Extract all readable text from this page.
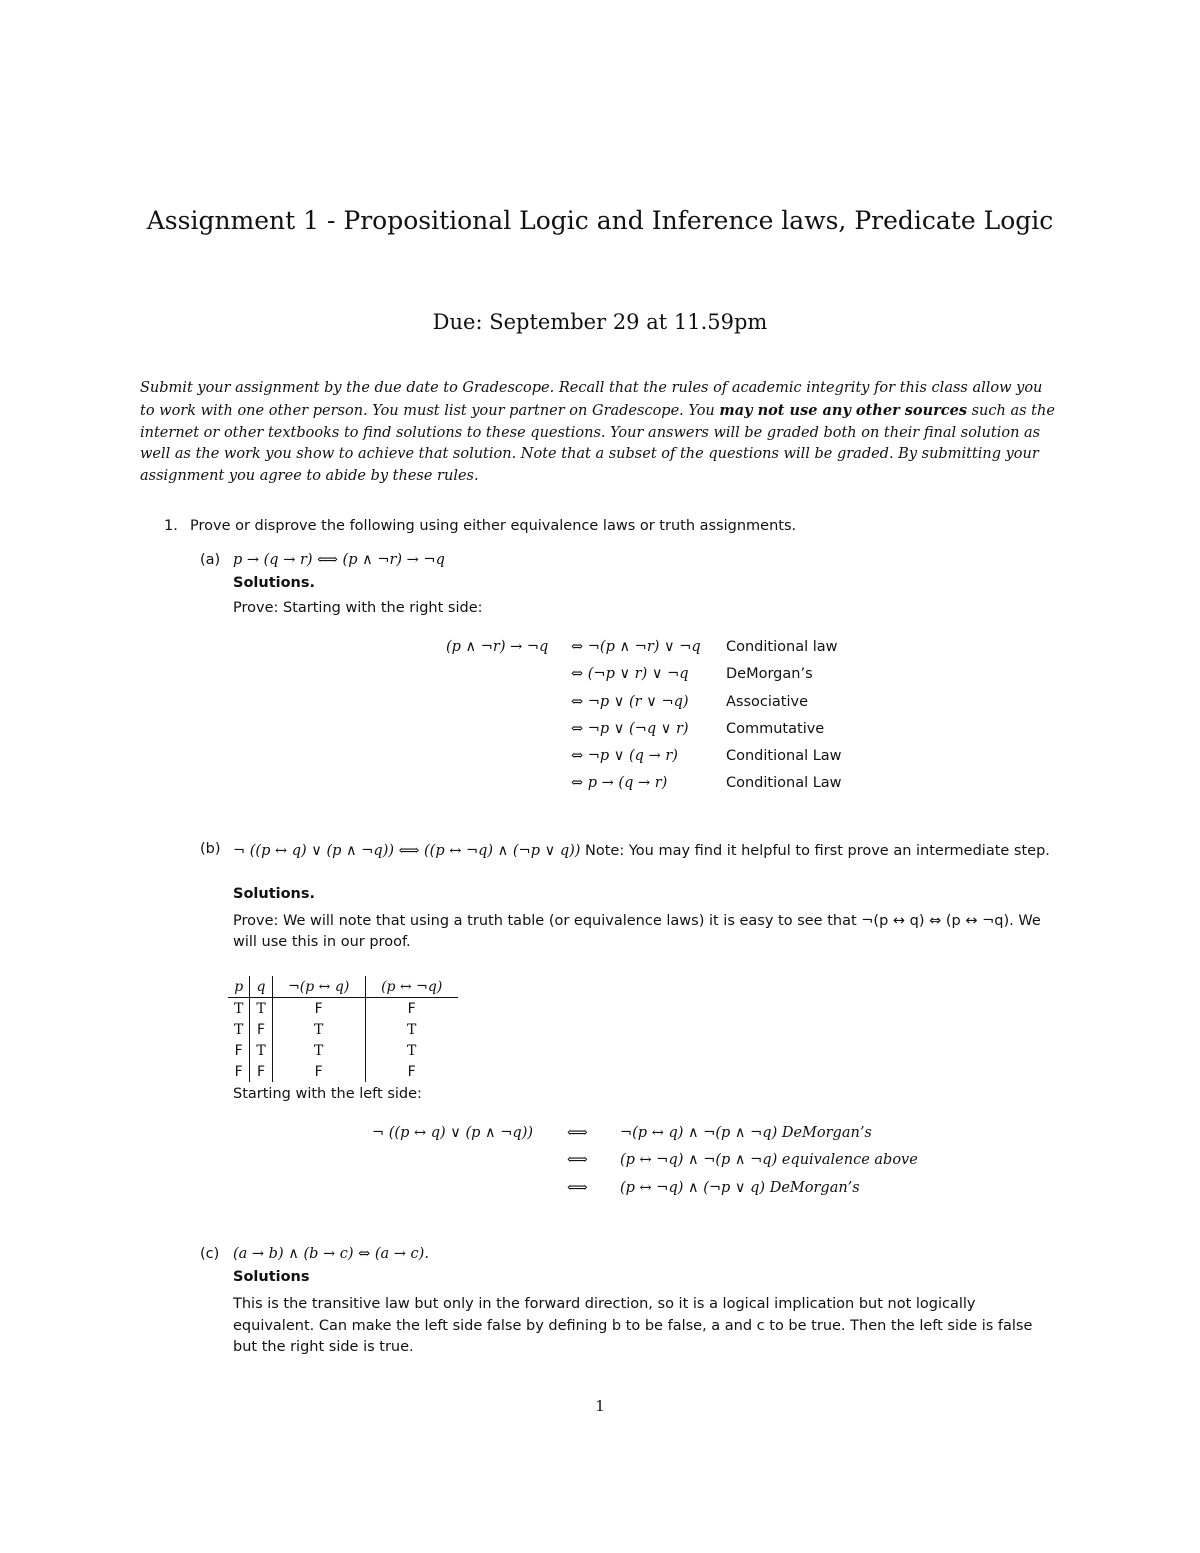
Assignment 1 - Propositional Logic and Inference laws, Predicate Logic
Due: September 29 at 11.59pm
Submit your assignment by the due date to Gradescope. Recall that the rules of academic integrity for this class allow you to work with one other person. You must list your partner on Gradescope. You may not use any other sources such as the internet or other textbooks to find solutions to these questions. Your answers will be graded both on their final solution as well as the work you show to achieve that solution. Note that a subset of the questions will be graded. By submitting your assignment you agree to abide by these rules.
1. Prove or disprove the following using either equivalence laws or truth assignments.
(a) p → (q → r) ⟺ (p ∧ ¬r) → ¬q
Solutions.
Prove: Starting with the right side:
(p ∧ ¬r) → ¬q ⇔ ¬(p ∧ ¬r) ∨ ¬q Conditional law
⇔ (¬p ∨ r) ∨ ¬q	DeMorgan’s
⇔ ¬p ∨ (r ∨ ¬q)	Associative
⇔ ¬p ∨ (¬q ∨ r)	Commutative
⇔ ¬p ∨ (q → r)	Conditional Law
⇔ p → (q → r)	Conditional Law
(b) ¬ ((p ↔ q) ∨ (p ∧ ¬q)) ⟺ ((p ↔ ¬q) ∧ (¬p ∨ q)) Note: You may find it helpful to first prove an intermediate step.
Solutions.
Prove: We will note that using a truth table (or equivalence laws) it is easy to see that ¬(p ↔ q) ⇔ (p ↔ ¬q). We will use this in our proof.
p	q	¬(p ↔ q)	(p ↔ ¬q)
T	T	F	F
T	F	T	T
F	T	T	T
F	F	F	F
Starting with the left side:
¬ ((p ↔ q) ∨ (p ∧ ¬q)) ⟺ ¬(p ↔ q) ∧ ¬(p ∧ ¬q) DeMorgan’s
⟺ (p ↔ ¬q) ∧ ¬(p ∧ ¬q) equivalence above
⟺ (p ↔ ¬q) ∧ (¬p ∨ q) DeMorgan’s
(c) (a → b) ∧ (b → c) ⇔ (a → c).
Solutions
This is the transitive law but only in the forward direction, so it is a logical implication but not logically equivalent. Can make the left side false by defining b to be false, a and c to be true. Then the left side is false but the right side is true.
1
